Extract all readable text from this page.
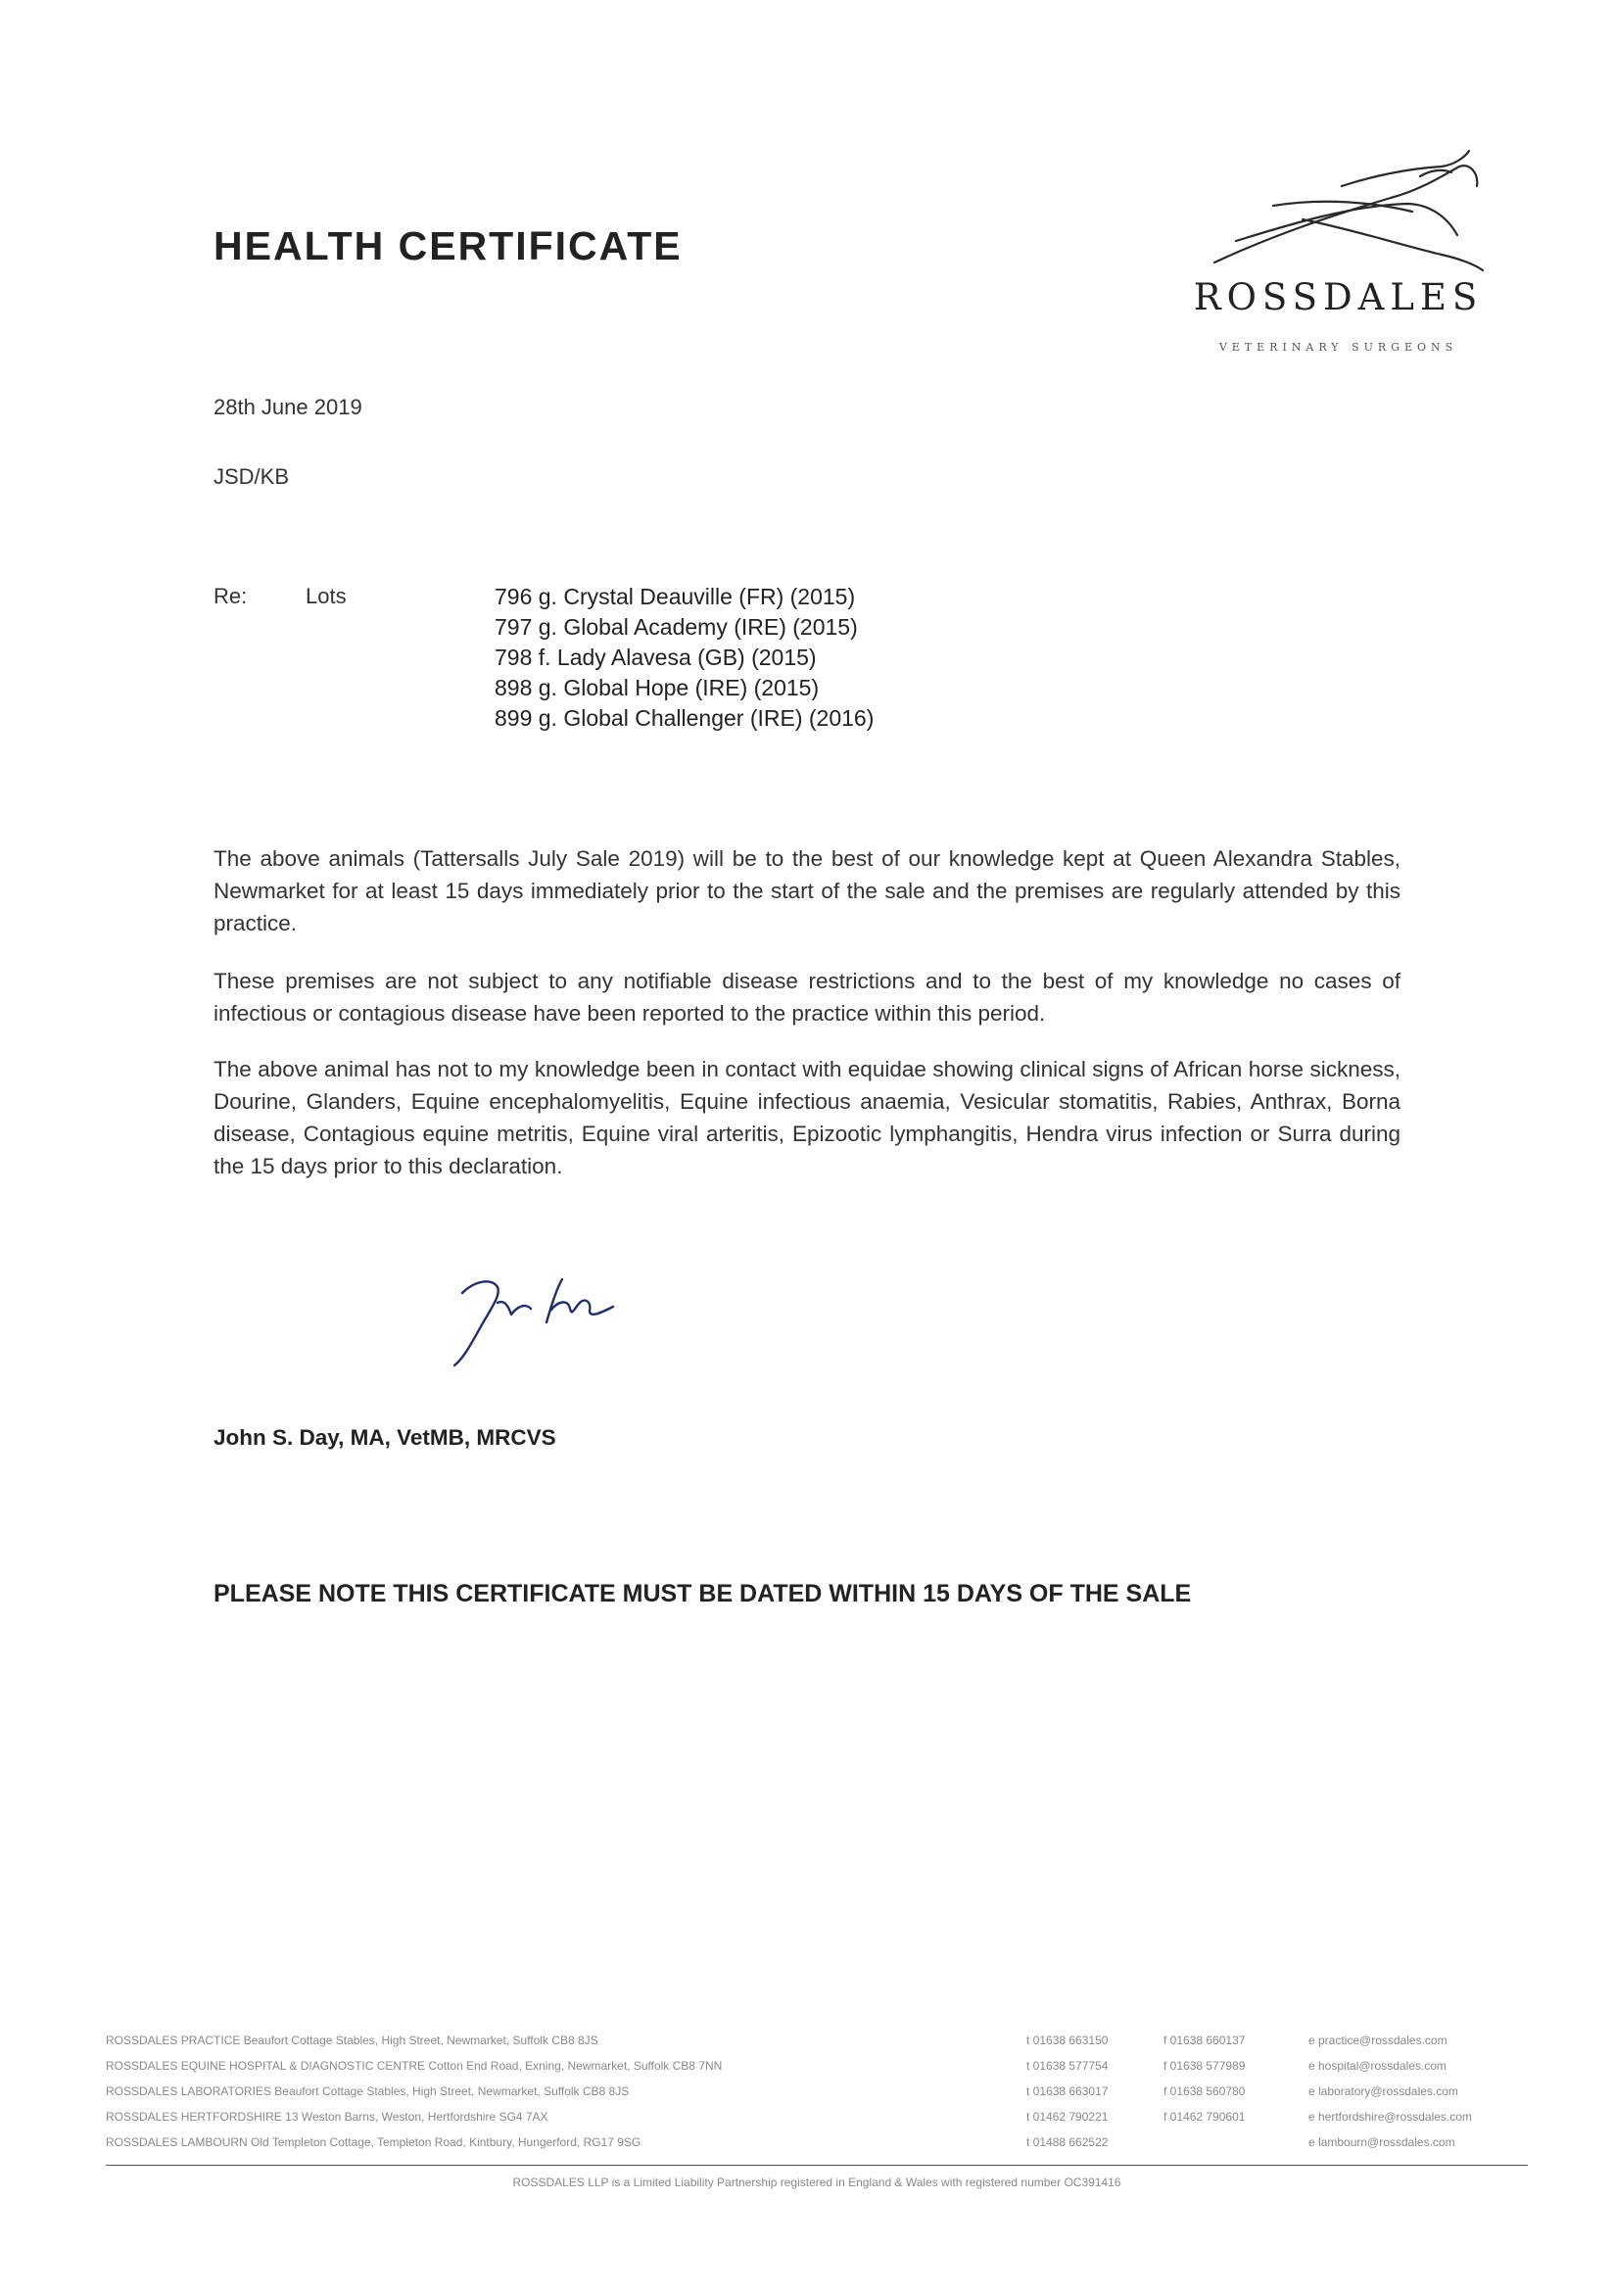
HEALTH CERTIFICATE
ROSSDALES
VETERINARY SURGEONS
28th June 2019
JSD/KB
Re:	Lots	796 g. Crystal Deauville (FR) (2015)
797 g. Global Academy (IRE) (2015)
798 f. Lady Alavesa (GB) (2015)
898 g. Global Hope (IRE) (2015)
899 g. Global Challenger (IRE) (2016)

The above animals (Tattersalls July Sale 2019) will be to the best of our knowledge kept at Queen Alexandra Stables, Newmarket for at least 15 days immediately prior to the start of the sale and the premises are regularly attended by this practice.

These premises are not subject to any notifiable disease restrictions and to the best of my knowledge no cases of infectious or contagious disease have been reported to the practice within this period.

The above animal has not to my knowledge been in contact with equidae showing clinical signs of African horse sickness, Dourine, Glanders, Equine encephalomyelitis, Equine infectious anaemia, Vesicular stomatitis, Rabies, Anthrax, Borna disease, Contagious equine metritis, Equine viral arteritis, Epizootic lymphangitis, Hendra virus infection or Surra during the 15 days prior to this declaration.

John S. Day, MA, VetMB, MRCVS
PLEASE NOTE THIS CERTIFICATE MUST BE DATED WITHIN 15 DAYS OF THE SALE
ROSSDALES PRACTICE Beaufort Cottage Stables, High Street, Newmarket, Suffolk CB8 8JS	t 01638 663150	f 01638 660137	e practice@rossdales.com
ROSSDALES EQUINE HOSPITAL & DIAGNOSTIC CENTRE Cotton End Road, Exning, Newmarket, Suffolk CB8 7NN	t 01638 577754	f 01638 577989	e hospital@rossdales.com
ROSSDALES LABORATORIES Beaufort Cottage Stables, High Street, Newmarket, Suffolk CB8 8JS	t 01638 663017	f 01638 560780	e laboratory@rossdales.com
ROSSDALES HERTFORDSHIRE 13 Weston Barns, Weston, Hertfordshire SG4 7AX	t 01462 790221	f 01462 790601	e hertfordshire@rossdales.com
ROSSDALES LAMBOURN Old Templeton Cottage, Templeton Road, Kintbury, Hungerford, RG17 9SG	t 01488 662522	e lambourn@rossdales.com
ROSSDALES LLP is a Limited Liability Partnership registered in England & Wales with registered number OC391416
